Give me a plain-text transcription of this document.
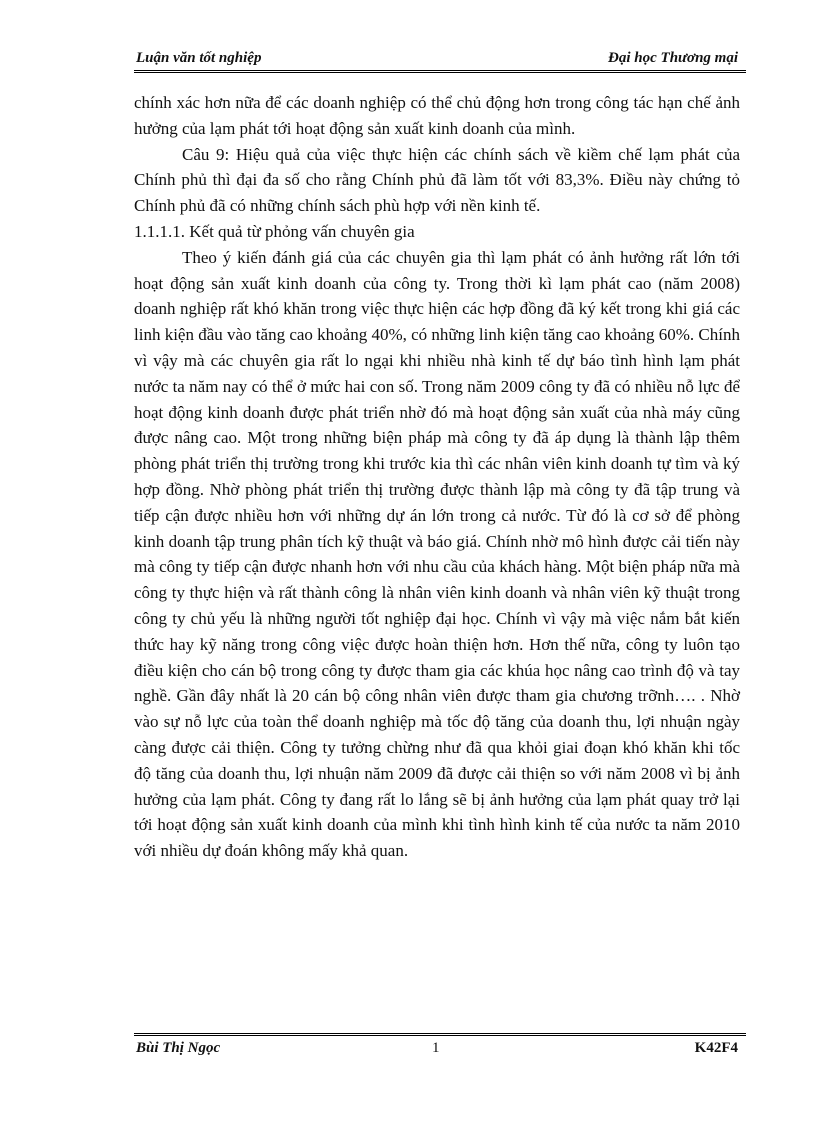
Luận văn tốt nghiệp	Đại học Thương mại

chính xác hơn nữa để các doanh nghiệp có thể chủ động hơn trong công tác hạn chế ảnh hưởng của lạm phát tới hoạt động sản xuất kinh doanh của mình.

Câu 9: Hiệu quả của việc thực hiện các chính sách về kiềm chế lạm phát của Chính phủ thì đại đa số cho rằng Chính phủ đã làm tốt với 83,3%. Điều này chứng tỏ Chính phủ đã có những chính sách phù hợp với nền kinh tế.

1.1.1.1. Kết quả từ phỏng vấn chuyên gia

Theo ý kiến đánh giá của các chuyên gia thì lạm phát có ảnh hưởng rất lớn tới hoạt động sản xuất kinh doanh của công ty. Trong thời kì lạm phát cao (năm 2008) doanh nghiệp rất khó khăn trong việc thực hiện các hợp đồng đã ký kết trong khi giá các linh kiện đầu vào tăng cao khoảng 40%, có những linh kiện tăng cao khoảng 60%. Chính vì vậy mà các chuyên gia rất lo ngại khi nhiều nhà kinh tế dự báo tình hình lạm phát nước ta năm nay có thể ở mức hai con số. Trong năm 2009 công ty đã có nhiều nỗ lực để hoạt động kinh doanh được phát triển nhờ đó mà hoạt động sản xuất của nhà máy cũng được nâng cao. Một trong những biện pháp mà công ty đã áp dụng là thành lập thêm phòng phát triển thị trường trong khi trước kia thì các nhân viên kinh doanh tự tìm và ký hợp đồng. Nhờ phòng phát triển thị trường được thành lập mà công ty đã tập trung và tiếp cận được nhiều hơn với những dự án lớn trong cả nước. Từ đó là cơ sở để phòng kinh doanh tập trung phân tích kỹ thuật và báo giá. Chính nhờ mô hình được cải tiến này mà công ty tiếp cận được nhanh hơn với nhu cầu của khách hàng. Một biện pháp nữa mà công ty thực hiện và rất thành công là nhân viên kinh doanh và nhân viên kỹ thuật trong công ty chủ yếu là những người tốt nghiệp đại học. Chính vì vậy mà việc nắm bắt kiến thức hay kỹ năng trong công việc được hoàn thiện hơn. Hơn thế nữa, công ty luôn tạo điều kiện cho cán bộ trong công ty được tham gia các khúa học nâng cao trình độ và tay nghề. Gần đây nhất là 20 cán bộ công nhân viên được tham gia chương trỡnh…. . Nhờ vào sự nỗ lực của toàn thể doanh nghiệp mà tốc độ tăng của doanh thu, lợi nhuận ngày càng được cải thiện. Công ty tưởng chừng như đã qua khỏi giai đoạn khó khăn khi tốc độ tăng của doanh thu, lợi nhuận năm 2009 đã được cải thiện so với năm 2008 vì bị ảnh hưởng của lạm phát. Công ty đang rất lo lắng sẽ bị ảnh hưởng của lạm phát quay trở lại tới hoạt động sản xuất kinh doanh của mình khi tình hình kinh tế của nước ta năm 2010 với nhiều dự đoán không mấy khả quan.

Bùi Thị Ngọc	1	K42F4
